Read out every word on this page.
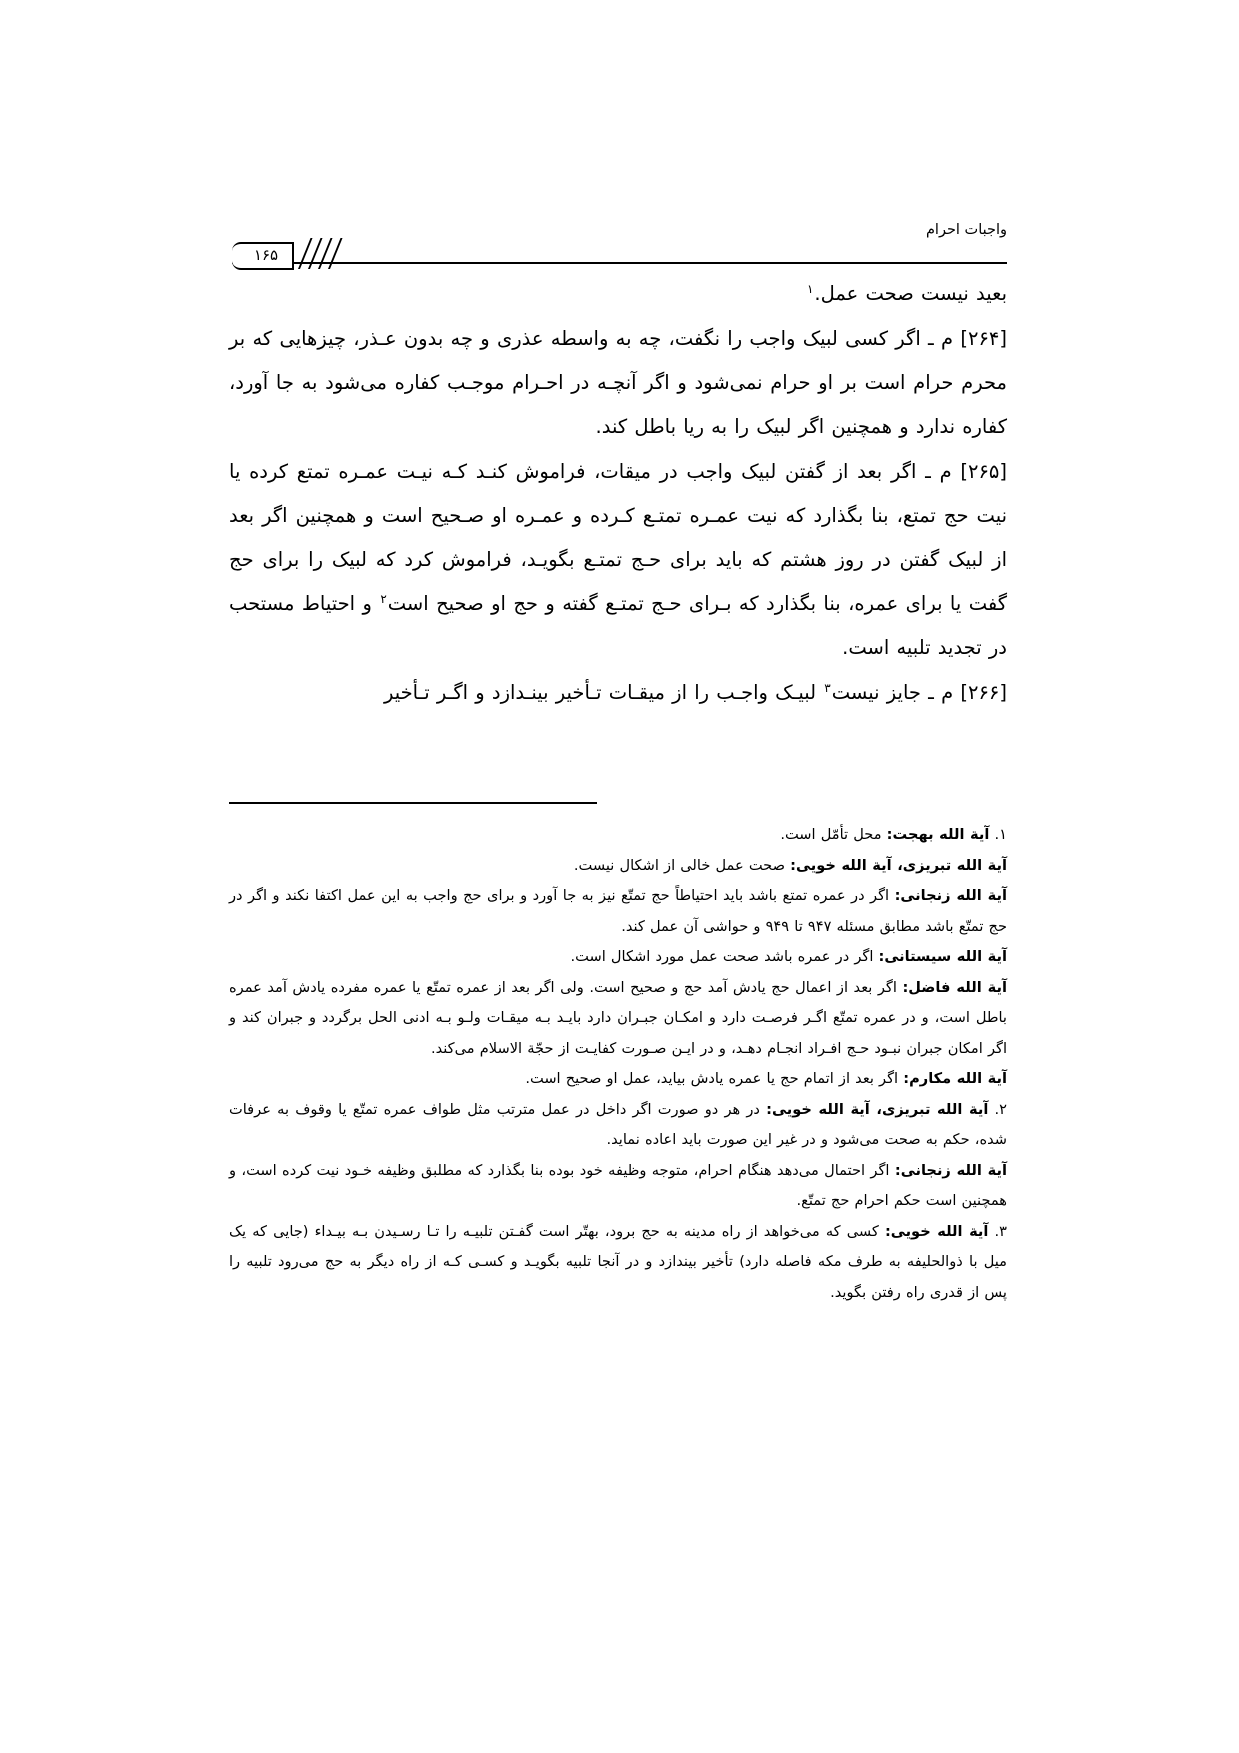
واجبات احرام
۱۶۵

بعید نیست صحت عمل.$^۱$

[۲۶۴] م ـ اگر کسی لبیک واجب را نگفت، چه به واسطه عذری و چه بدون عـذر، چیزهایی که بر محرم حرام است بر او حرام نمی‌شود و اگر آنچـه در احـرام موجـب کفاره می‌شود به جا آورد، کفاره ندارد و همچنین اگر لبیک را به ریا باطل کند.

[۲۶۵] م ـ اگر بعد از گفتن لبیک واجب در میقات، فراموش کنـد کـه نیـت عمـره تمتع کرده یا نیت حج تمتع، بنا بگذارد که نیت عمـره تمتـع کـرده و عمـره او صـحیح است و همچنین اگر بعد از لبیک گفتن در روز هشتم که باید برای حـج تمتـع بگویـد، فراموش کرد که لبیک را برای حج گفت یا برای عمره، بنا بگذارد که بـرای حـج تمتـع گفته و حج او صحیح است$^۲$ و احتیاط مستحب در تجدید تلبیه است.

[۲۶۶] م ـ جایز نیست$^۳$ لبیـک واجـب را از میقـات تـأخیر بینـدازد و اگـر تـأخیر

۱. آیة الله بهجت: محل تأمّل است.

آیة الله تبریزی، آیة الله خویی: صحت عمل خالی از اشکال نیست.

آیة الله زنجانی: اگر در عمره تمتع باشد باید احتیاطاً حج تمتّع نیز به جا آورد و برای حج واجب به این عمل اکتفا نکند و اگر در حج تمتّع باشد مطابق مسئله ۹۴۷ تا ۹۴۹ و حواشی آن عمل کند.

آیة الله سیستانی: اگر در عمره باشد صحت عمل مورد اشکال است.

آیة الله فاضل: اگر بعد از اعمال حج یادش آمد حج و صحیح است. ولی اگر بعد از عمره تمتّع یا عمره مفرده یادش آمد عمره باطل است، و در عمره تمتّع اگـر فرصـت دارد و امکـان جبـران دارد بایـد بـه میقـات ولـو بـه ادنی الحل برگردد و جبران کند و اگر امکان جبران نبـود حـج افـراد انجـام دهـد، و در ایـن صـورت کفایـت از حجّة الاسلام می‌کند.

آیة الله مکارم: اگر بعد از اتمام حج یا عمره یادش بیاید، عمل او صحیح است.

۲. آیة الله تبریزی، آیة الله خویی: در هر دو صورت اگر داخل در عمل مترتب مثل طواف عمره تمتّع یا وقوف به عرفات شده، حکم به صحت می‌شود و در غیر این صورت باید اعاده نماید.

آیة الله زنجانی: اگر احتمال می‌دهد هنگام احرام، متوجه وظیفه خود بوده بنا بگذارد که مطلبق وظیفه خـود نیت کرده است، و همچنین است حکم احرام حج تمتّع.

۳. آیة الله خویی: کسی که می‌خواهد از راه مدینه به حج برود، بهتّر است گفـتن تلبیـه را تـا رسـیدن بـه بیـداء (جایی که یک میل با ذوالحلیفه به طرف مکه فاصله دارد) تأخیر بیندازد و در آنجا تلبیه بگویـد و کسـی کـه از راه دیگر به حج می‌رود تلبیه را پس از قدری راه رفتن بگوید.
